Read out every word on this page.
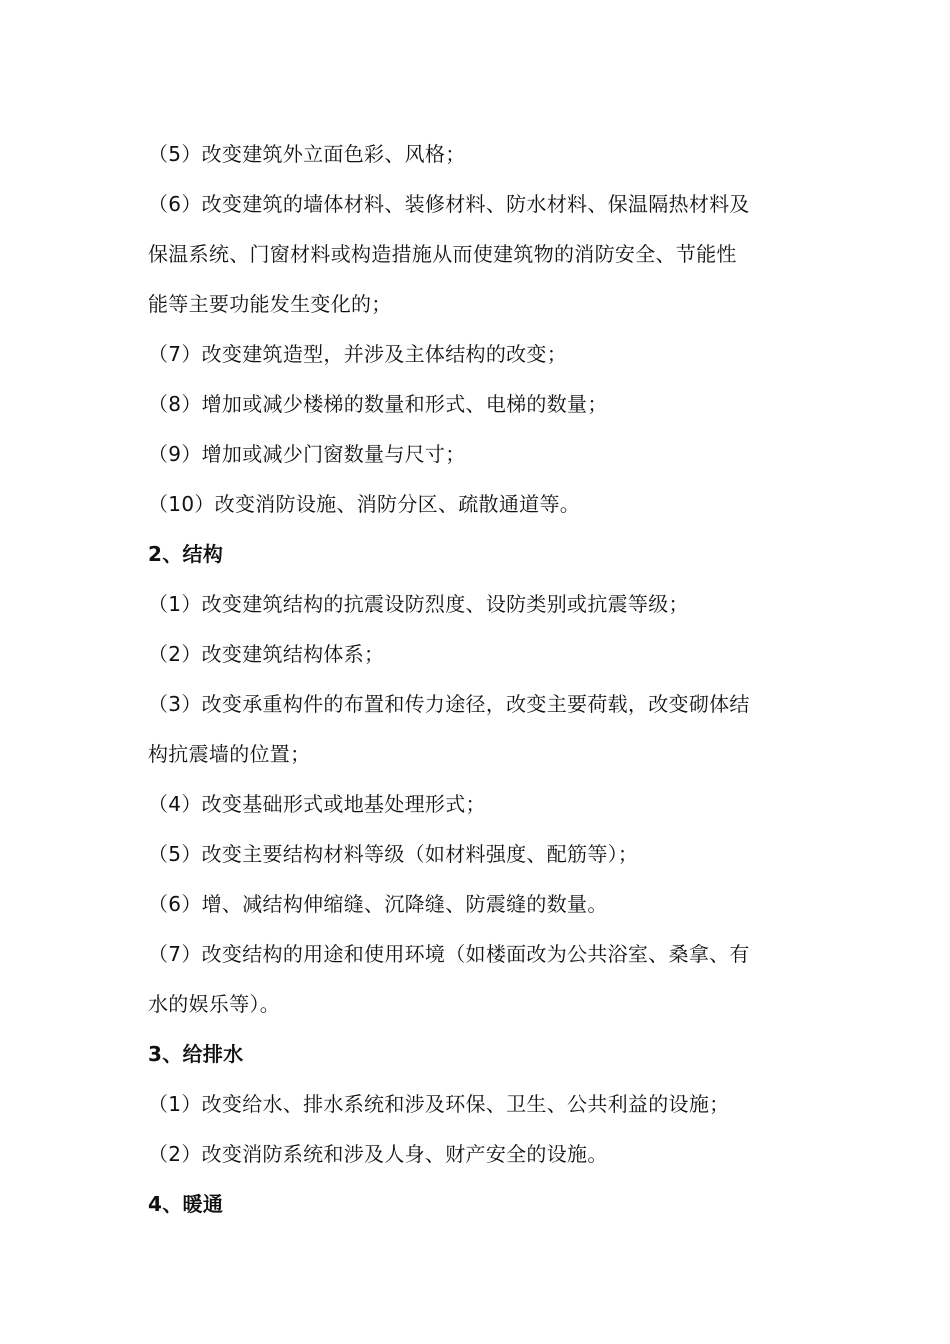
（5）改变建筑外立面色彩、风格；
（6）改变建筑的墙体材料、装修材料、防水材料、保温隔热材料及
保温系统、门窗材料或构造措施从而使建筑物的消防安全、节能性
能等主要功能发生变化的；
（7）改变建筑造型，并涉及主体结构的改变；
（8）增加或减少楼梯的数量和形式、电梯的数量；
（9）增加或减少门窗数量与尺寸；
（10）改变消防设施、消防分区、疏散通道等。
2、结构
（1）改变建筑结构的抗震设防烈度、设防类别或抗震等级；
（2）改变建筑结构体系；
（3）改变承重构件的布置和传力途径，改变主要荷载，改变砌体结
构抗震墙的位置；
（4）改变基础形式或地基处理形式；
（5）改变主要结构材料等级（如材料强度、配筋等）；
（6）增、减结构伸缩缝、沉降缝、防震缝的数量。
（7）改变结构的用途和使用环境（如楼面改为公共浴室、桑拿、有
水的娱乐等）。
3、给排水
（1）改变给水、排水系统和涉及环保、卫生、公共利益的设施；
（2）改变消防系统和涉及人身、财产安全的设施。
4、暖通
